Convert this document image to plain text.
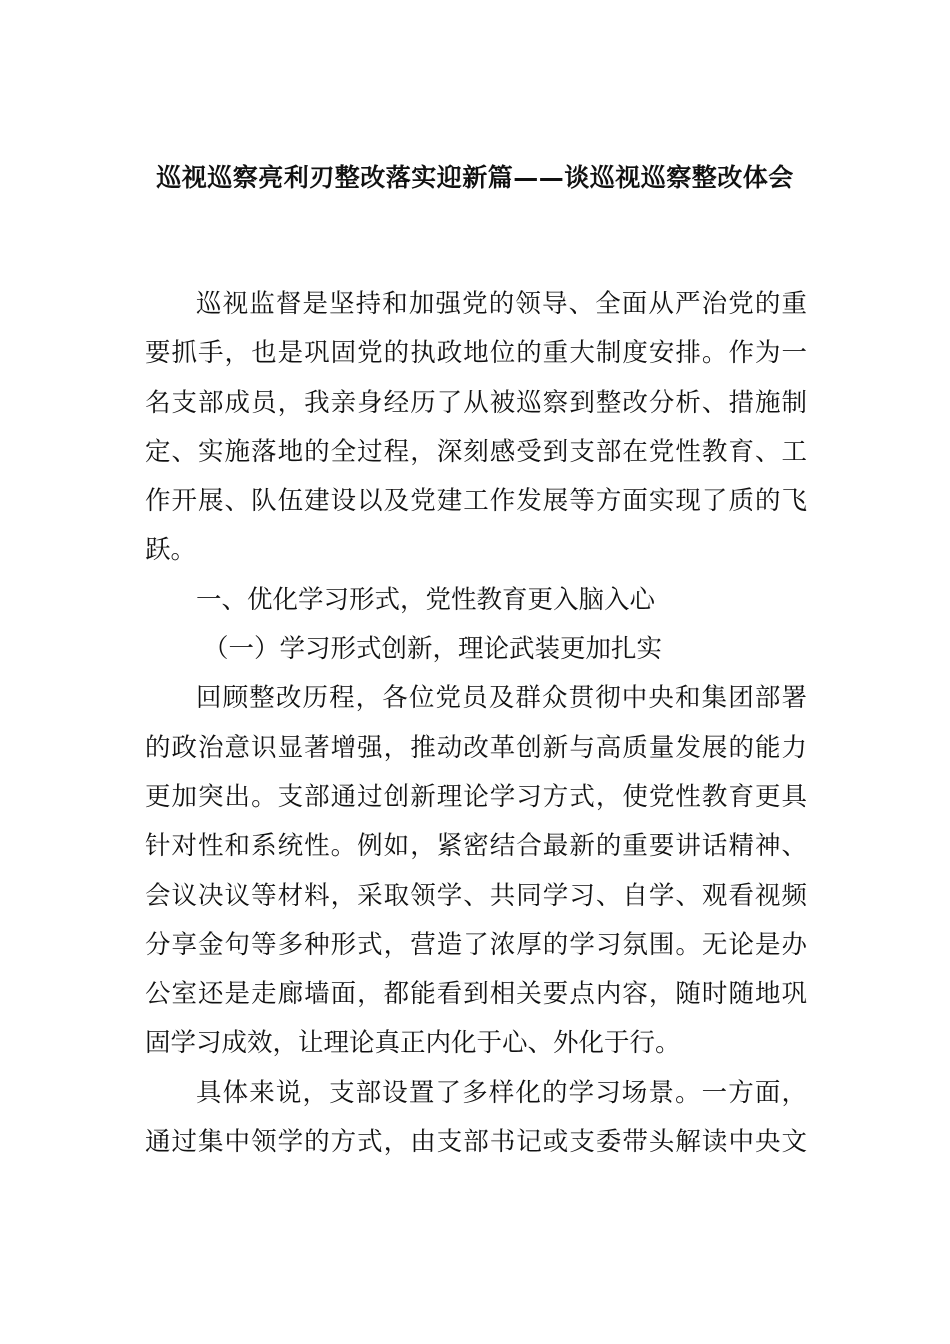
巡视巡察亮利刃整改落实迎新篇——谈巡视巡察整改体会
巡视监督是坚持和加强党的领导、全面从严治党的重
要抓手，也是巩固党的执政地位的重大制度安排。作为一
名支部成员，我亲身经历了从被巡察到整改分析、措施制
定、实施落地的全过程，深刻感受到支部在党性教育、工
作开展、队伍建设以及党建工作发展等方面实现了质的飞
跃。
一、优化学习形式，党性教育更入脑入心
（一）学习形式创新，理论武装更加扎实
回顾整改历程，各位党员及群众贯彻中央和集团部署
的政治意识显著增强，推动改革创新与高质量发展的能力
更加突出。支部通过创新理论学习方式，使党性教育更具
针对性和系统性。例如，紧密结合最新的重要讲话精神、
会议决议等材料，采取领学、共同学习、自学、观看视频
分享金句等多种形式，营造了浓厚的学习氛围。无论是办
公室还是走廊墙面，都能看到相关要点内容，随时随地巩
固学习成效，让理论真正内化于心、外化于行。
具体来说，支部设置了多样化的学习场景。一方面，
通过集中领学的方式，由支部书记或支委带头解读中央文
